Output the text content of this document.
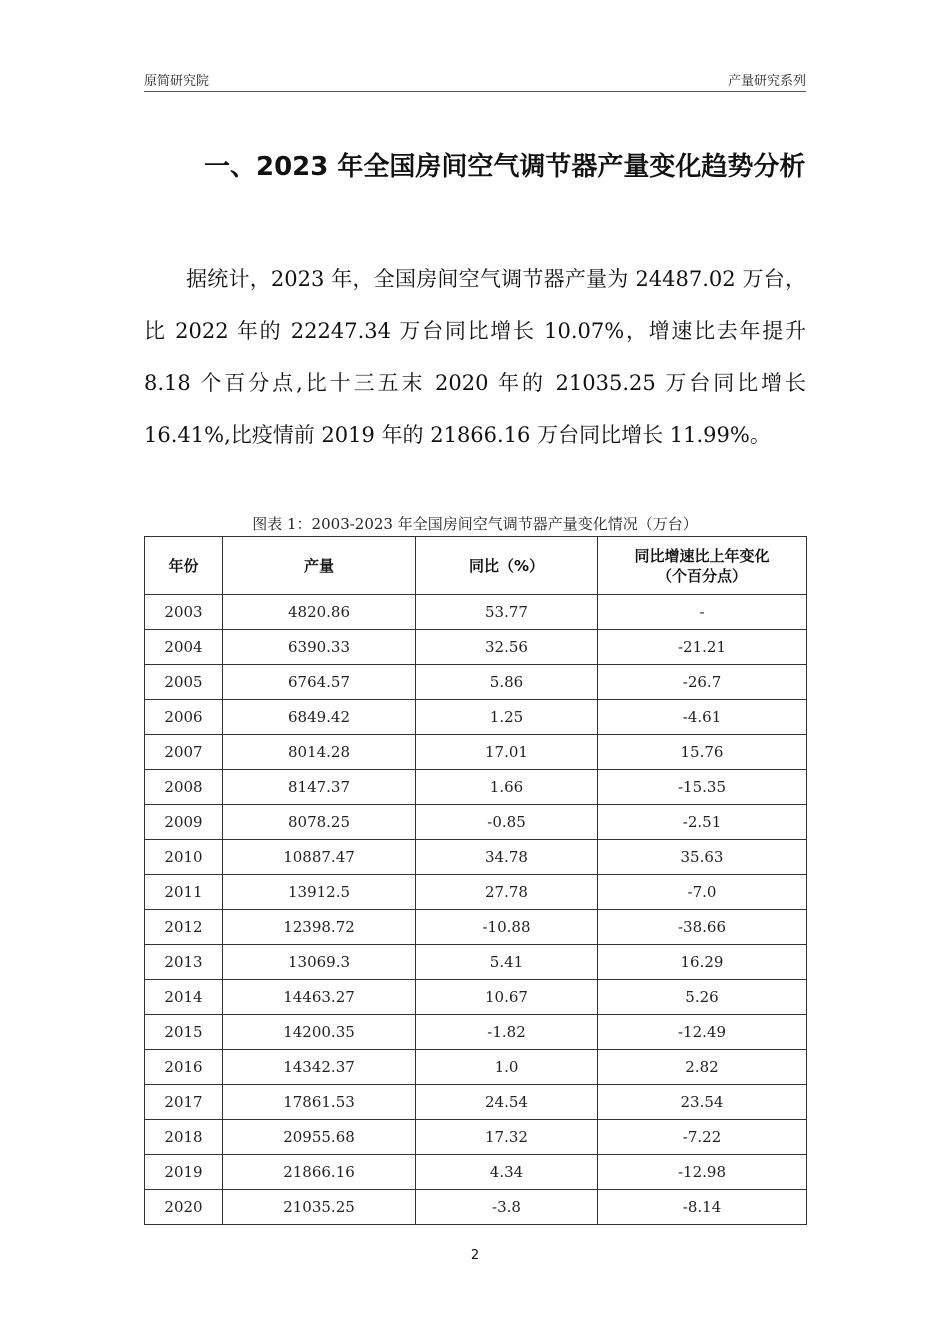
原简研究院	产量研究系列
一、2023 年全国房间空气调节器产量变化趋势分析

据统计，2023 年，全国房间空气调节器产量为 24487.02 万台，比 2022 年的 22247.34 万台同比增长 10.07%，增速比去年提升 8.18 个百分点,比十三五末 2020 年的 21035.25 万台同比增长 16.41%,比疫情前 2019 年的 21866.16 万台同比增长 11.99%。

图表 1：2003-2023 年全国房间空气调节器产量变化情况（万台）
年份	产量	同比（%）	同比增速比上年变化
（个百分点）
2003	4820.86	53.77	-
2004	6390.33	32.56	-21.21
2005	6764.57	5.86	-26.7
2006	6849.42	1.25	-4.61
2007	8014.28	17.01	15.76
2008	8147.37	1.66	-15.35
2009	8078.25	-0.85	-2.51
2010	10887.47	34.78	35.63
2011	13912.5	27.78	-7.0
2012	12398.72	-10.88	-38.66
2013	13069.3	5.41	16.29
2014	14463.27	10.67	5.26
2015	14200.35	-1.82	-12.49
2016	14342.37	1.0	2.82
2017	17861.53	24.54	23.54
2018	20955.68	17.32	-7.22
2019	21866.16	4.34	-12.98
2020	21035.25	-3.8	-8.14
2
